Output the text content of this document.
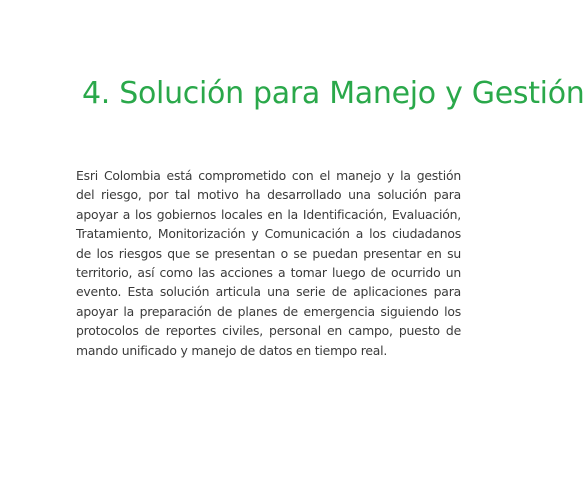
4. Solución para Manejo y Gestión

Esri Colombia está comprometido con el manejo y la gestión del riesgo, por tal motivo ha desarrollado una solución para apoyar a los gobiernos locales en la Identificación, Evaluación, Tratamiento, Monitorización y Comunicación a los ciudadanos de los riesgos que se presentan o se puedan presentar en su territorio, así como las acciones a tomar luego de ocurrido un evento. Esta solución articula una serie de aplicaciones para apoyar la preparación de planes de emergencia siguiendo los protocolos de reportes civiles, personal en campo, puesto de mando unificado y manejo de datos en tiempo real.
